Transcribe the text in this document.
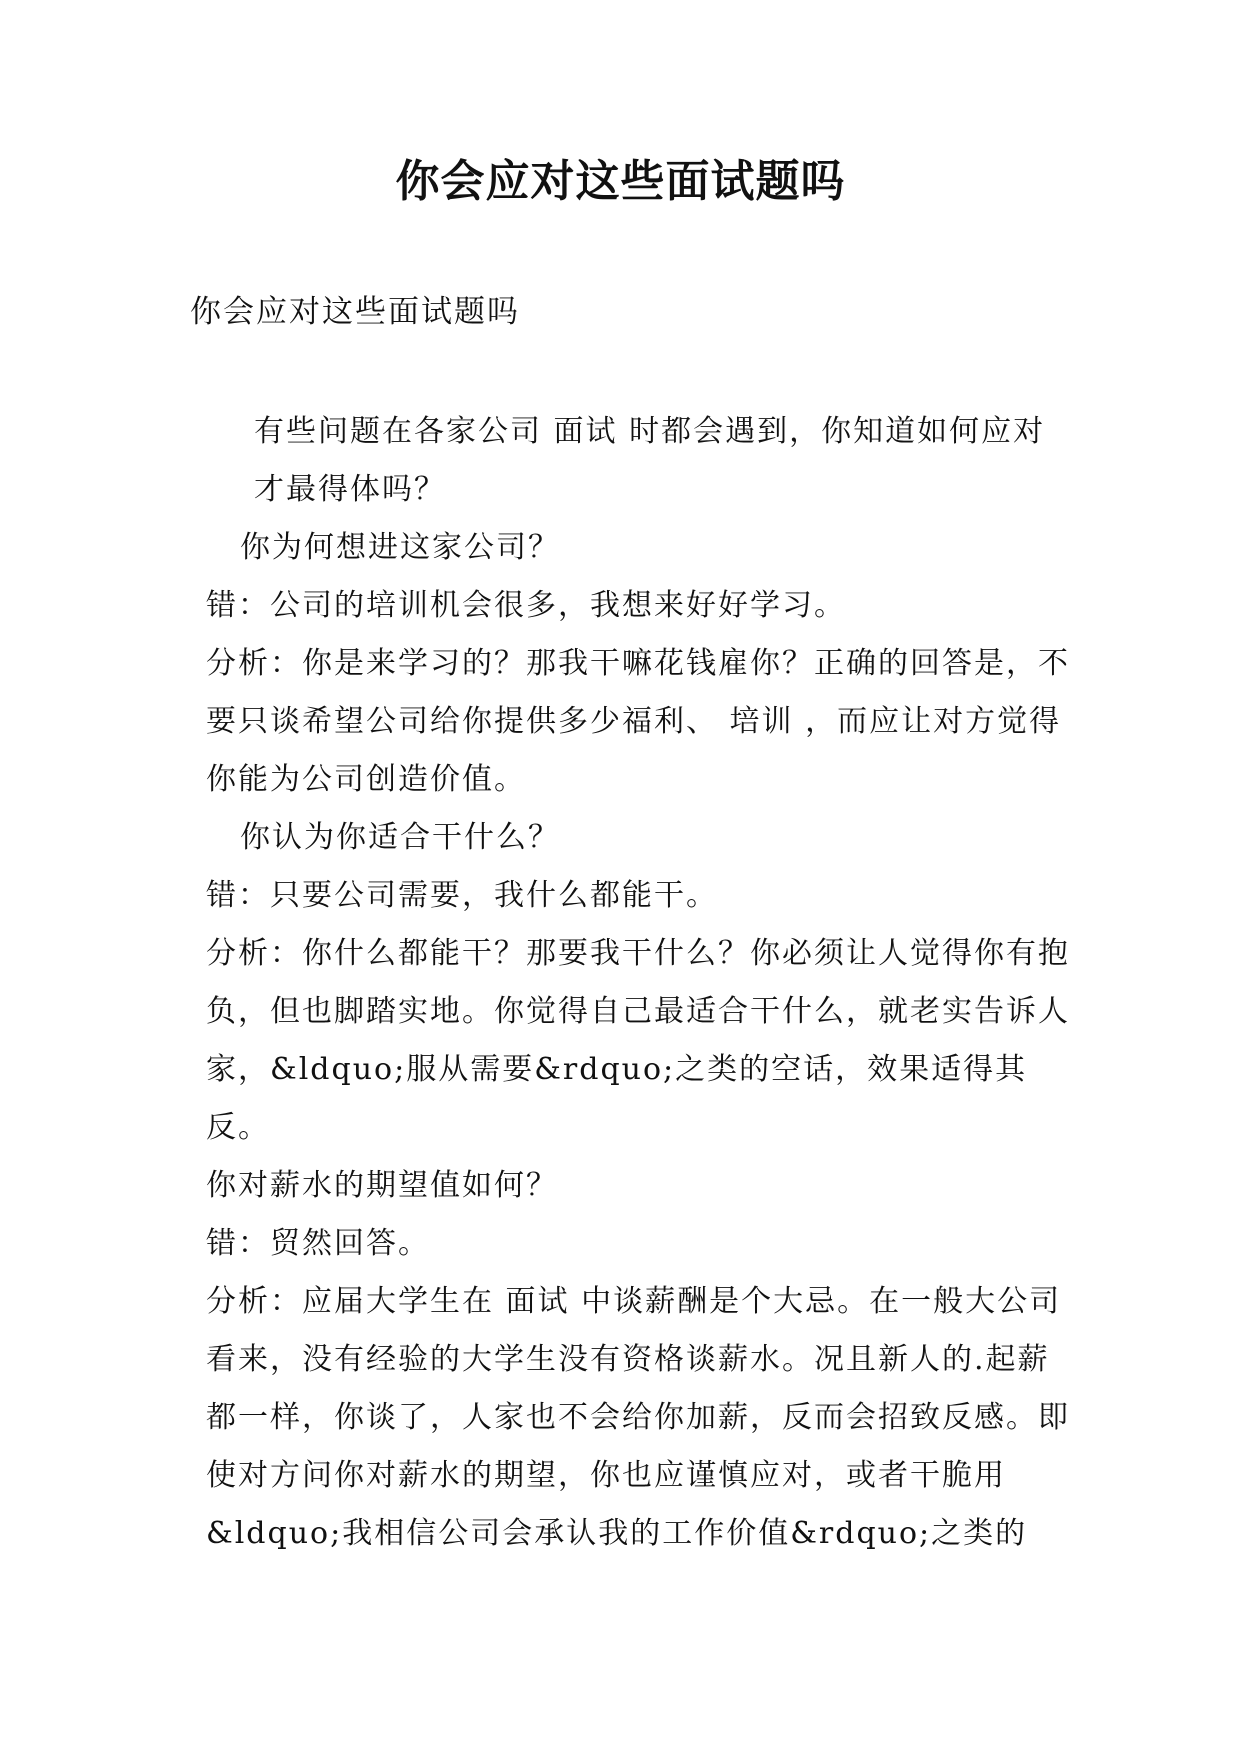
你会应对这些面试题吗
你会应对这些面试题吗

有些问题在各家公司 面试 时都会遇到，你知道如何应对才最得体吗？

你为何想进这家公司？

错：公司的培训机会很多，我想来好好学习。

分析：你是来学习的？那我干嘛花钱雇你？正确的回答是，不要只谈希望公司给你提供多少福利、 培训 ，而应让对方觉得你能为公司创造价值。

你认为你适合干什么？

错：只要公司需要，我什么都能干。

分析：你什么都能干？那要我干什么？你必须让人觉得你有抱负，但也脚踏实地。你觉得自己最适合干什么，就老实告诉人家，&ldquo;服从需要&rdquo;之类的空话，效果适得其反。

你对薪水的期望值如何？

错：贸然回答。

分析：应届大学生在 面试 中谈薪酬是个大忌。在一般大公司看来，没有经验的大学生没有资格谈薪水。况且新人的.起薪都一样，你谈了，人家也不会给你加薪，反而会招致反感。即使对方问你对薪水的期望，你也应谨慎应对，或者干脆用&ldquo;我相信公司会承认我的工作价值&rdquo;之类的
